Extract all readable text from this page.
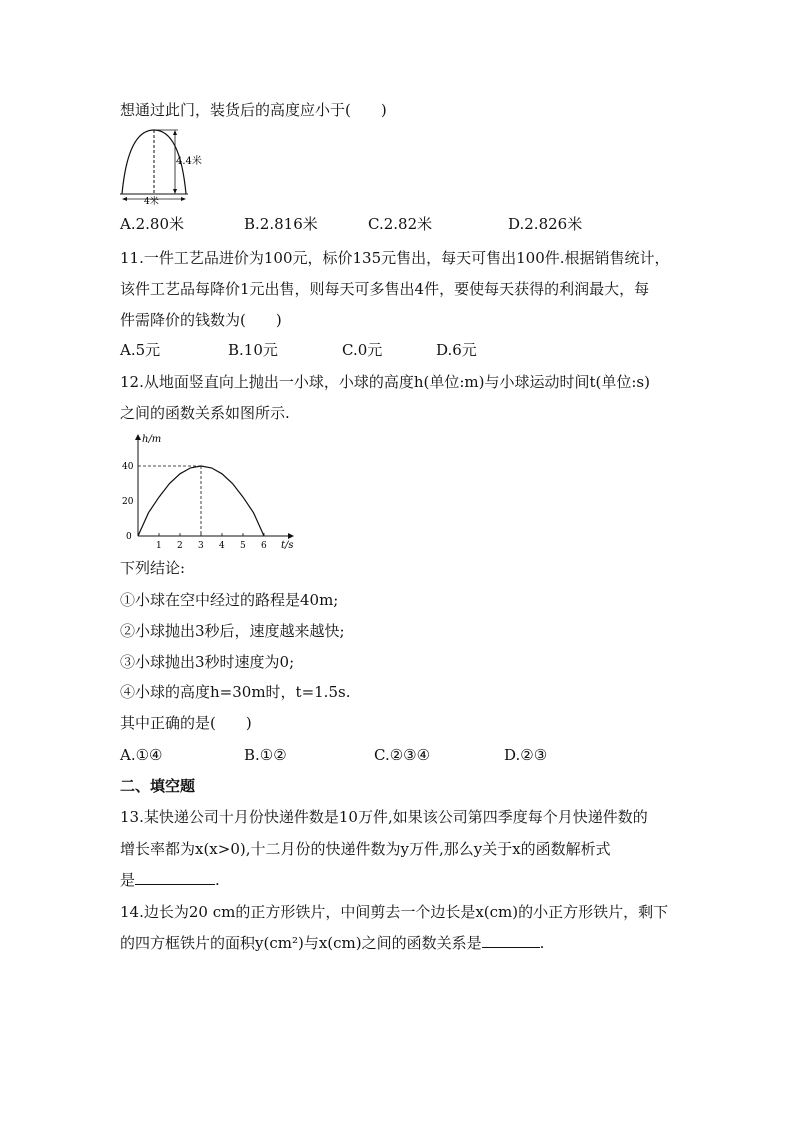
想通过此门，装货后的高度应小于(　　)
4.4米
4米
A.2.80米	B.2.816米	C.2.82米	D.2.826米
11.一件工艺品进价为100元，标价135元售出，每天可售出100件.根据销售统计，
该件工艺品每降价1元出售，则每天可多售出4件，要使每天获得的利润最大，每
件需降价的钱数为(　　)
A.5元	B.10元	C.0元	D.6元
12.从地面竖直向上抛出一小球，小球的高度h(单位:m)与小球运动时间t(单位:s)
之间的函数关系如图所示.
h/m
t/s
1 2 3 4 5 6
0
20
40
下列结论:
①小球在空中经过的路程是40m;
②小球抛出3秒后，速度越来越快;
③小球抛出3秒时速度为0;
④小球的高度h=30m时，t=1.5s.
其中正确的是(　　)
A.①④	B.①②	C.②③④	D.②③
二、填空题
13.某快递公司十月份快递件数是10万件,如果该公司第四季度每个月快递件数的
增长率都为x(x>0),十二月份的快递件数为y万件,那么y关于x的函数解析式
是	.
14.边长为20 cm的正方形铁片，中间剪去一个边长是x(cm)的小正方形铁片，剩下
的四方框铁片的面积y(cm²)与x(cm)之间的函数关系是	.
